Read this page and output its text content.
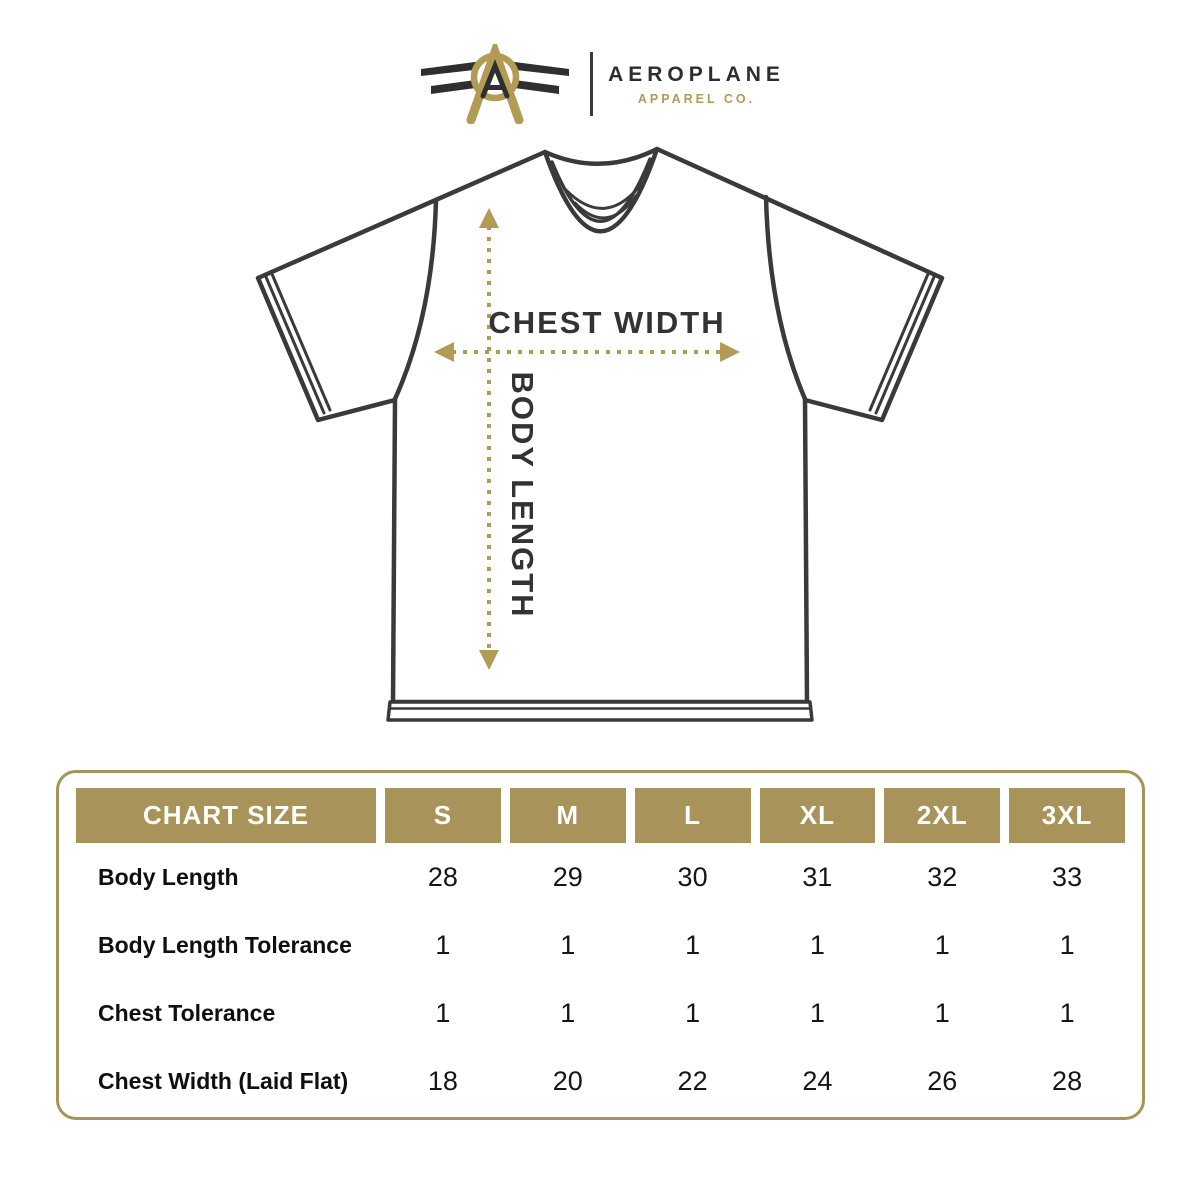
AEROPLANE
APPAREL CO.
CHEST WIDTH
BODY LENGTH
CHART SIZE	S	M	L	XL	2XL	3XL
Body Length	28	29	30	31	32	33
Body Length Tolerance	1	1	1	1	1	1
Chest Tolerance	1	1	1	1	1	1
Chest Width (Laid Flat)	18	20	22	24	26	28
